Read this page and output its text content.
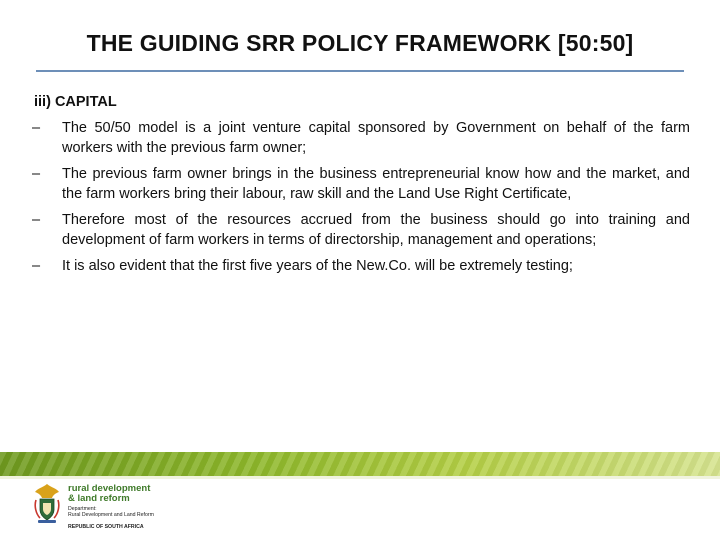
THE GUIDING SRR POLICY FRAMEWORK [50:50]
iii) CAPITAL
–	The 50/50 model is a joint venture capital sponsored by Government on behalf of the farm workers with the previous farm owner;
–	The previous farm owner brings in the business entrepreneurial know how and the market, and the farm workers bring their labour, raw skill and the Land Use Right Certificate,
–	Therefore most of the resources accrued from the business should go into training and development of farm workers in terms of directorship, management and operations;
–	It is also evident that the first five years of the New.Co. will be extremely testing;
rural development
& land reform
Department:
Rural Development and Land Reform
REPUBLIC OF SOUTH AFRICA
